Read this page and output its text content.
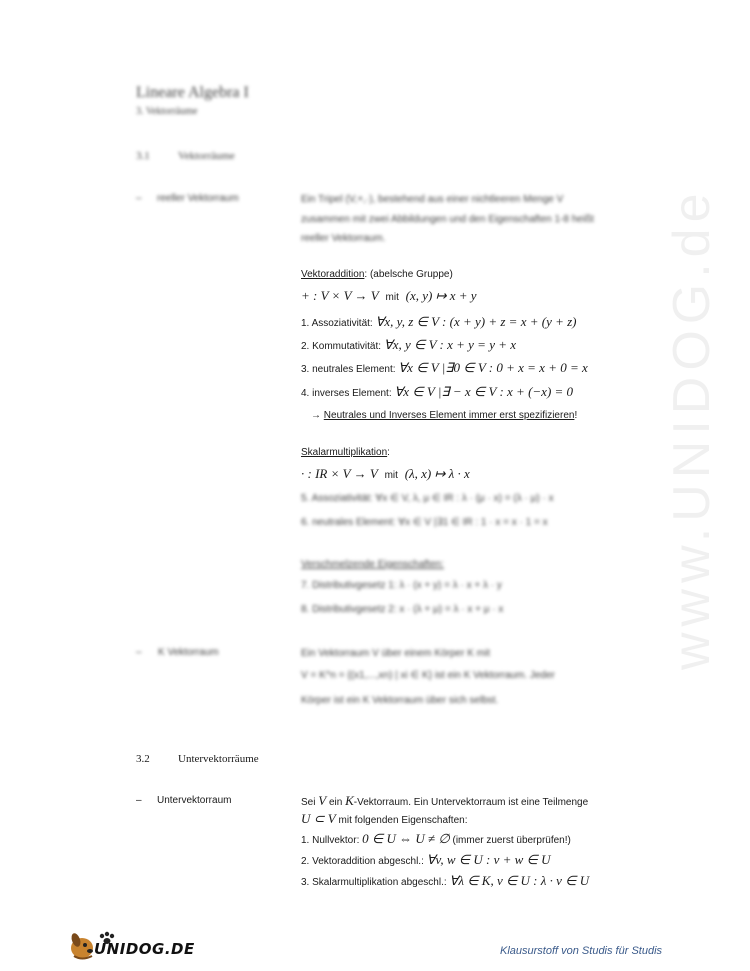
www.UNIDOG.de
Lineare Algebra I
3. Vektorräume
3.1	Vektorräume
– reeller Vektorraum	Ein Tripel (V,+,·), bestehend aus einer nichtleeren Menge V
zusammen mit zwei Abbildungen und den Eigenschaften 1-8 heißt
reeller Vektorraum.
Vektoraddition: (abelsche Gruppe)
+ : V × V → V mit (x, y) ↦ x + y
1. Assoziativität: ∀x, y, z ∈ V : (x + y) + z = x + (y + z)
2. Kommutativität: ∀x, y ∈ V : x + y = y + x
3. neutrales Element: ∀x ∈ V |∃0 ∈ V : 0 + x = x + 0 = x
4. inverses Element: ∀x ∈ V |∃ − x ∈ V : x + (−x) = 0
→ Neutrales und Inverses Element immer erst spezifizieren!
Skalarmultiplikation:
· : IR × V → V mit (λ, x) ↦ λ · x
5. Assoziativität: ∀x ∈ V, λ, μ ∈ IR : λ · (μ · x) = (λ · μ) · x
6. neutrales Element: ∀x ∈ V |∃1 ∈ IR : 1 · x = x · 1 = x
Verschmelzende Eigenschaften:
7. Distributivgesetz 1: λ · (x + y) = λ · x + λ · y
8. Distributivgesetz 2: x · (λ + μ) = λ · x + μ · x
– K Vektorraum	Ein Vektorraum V über einem Körper K mit
V = K^n = {(x1,...,xn) | xi ∈ K} ist ein K Vektorraum. Jeder
Körper ist ein K Vektorraum über sich selbst.
3.2	Untervektorräume
– Untervektorraum	Sei V ein K-Vektorraum. Ein Untervektorraum ist eine Teilmenge
U ⊂ V mit folgenden Eigenschaften:
1. Nullvektor: 0 ∈ U ⇔ U ≠ ∅ (immer zuerst überprüfen!)
2. Vektoraddition abgeschl.: ∀v, w ∈ U : v + w ∈ U
3. Skalarmultiplikation abgeschl.: ∀λ ∈ K, v ∈ U : λ · v ∈ U
UNIDOG.DE	Klausurstoff von Studis für Studis
